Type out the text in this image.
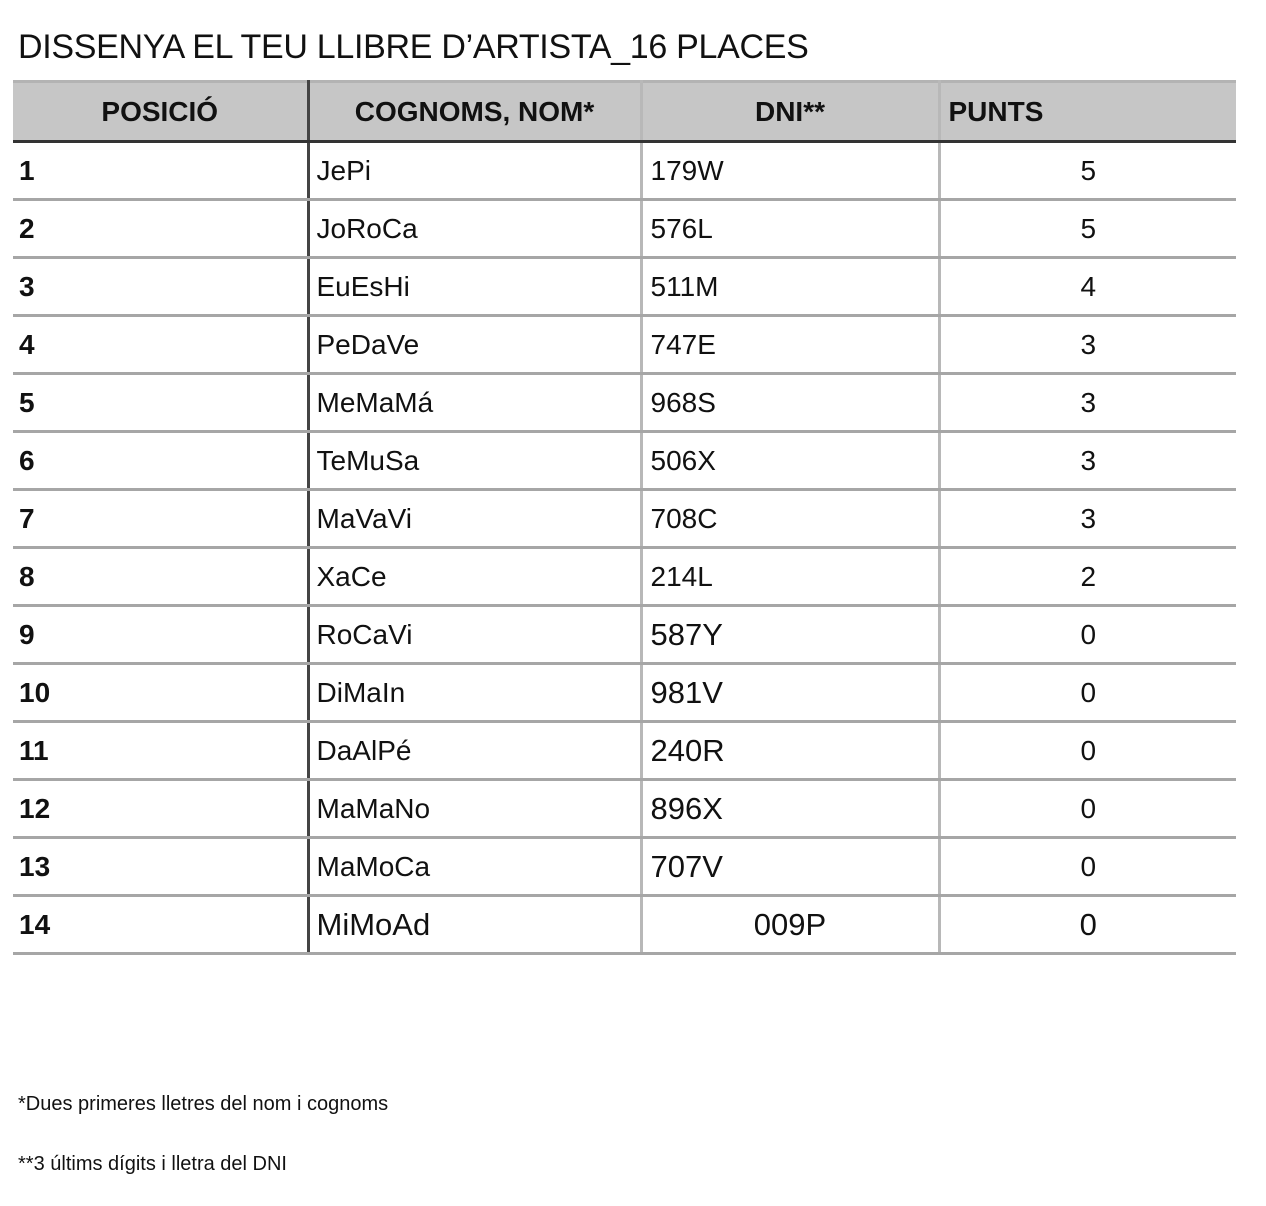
DISSENYA EL TEU LLIBRE D’ARTISTA_16 PLACES
POSICIÓ	COGNOMS, NOM*	DNI**	PUNTS
1	JePi	179W	5
2	JoRoCa	576L	5
3	EuEsHi	511M	4
4	PeDaVe	747E	3
5	MeMaMá	968S	3
6	TeMuSa	506X	3
7	MaVaVi	708C	3
8	XaCe	214L	2
9	RoCaVi	587Y	0
10	DiMaIn	981V	0
11	DaAlPé	240R	0
12	MaMaNo	896X	0
13	MaMoCa	707V	0
14	MiMoAd	009P	0
*Dues primeres lletres del nom i cognoms
**3 últims dígits i lletra del DNI
